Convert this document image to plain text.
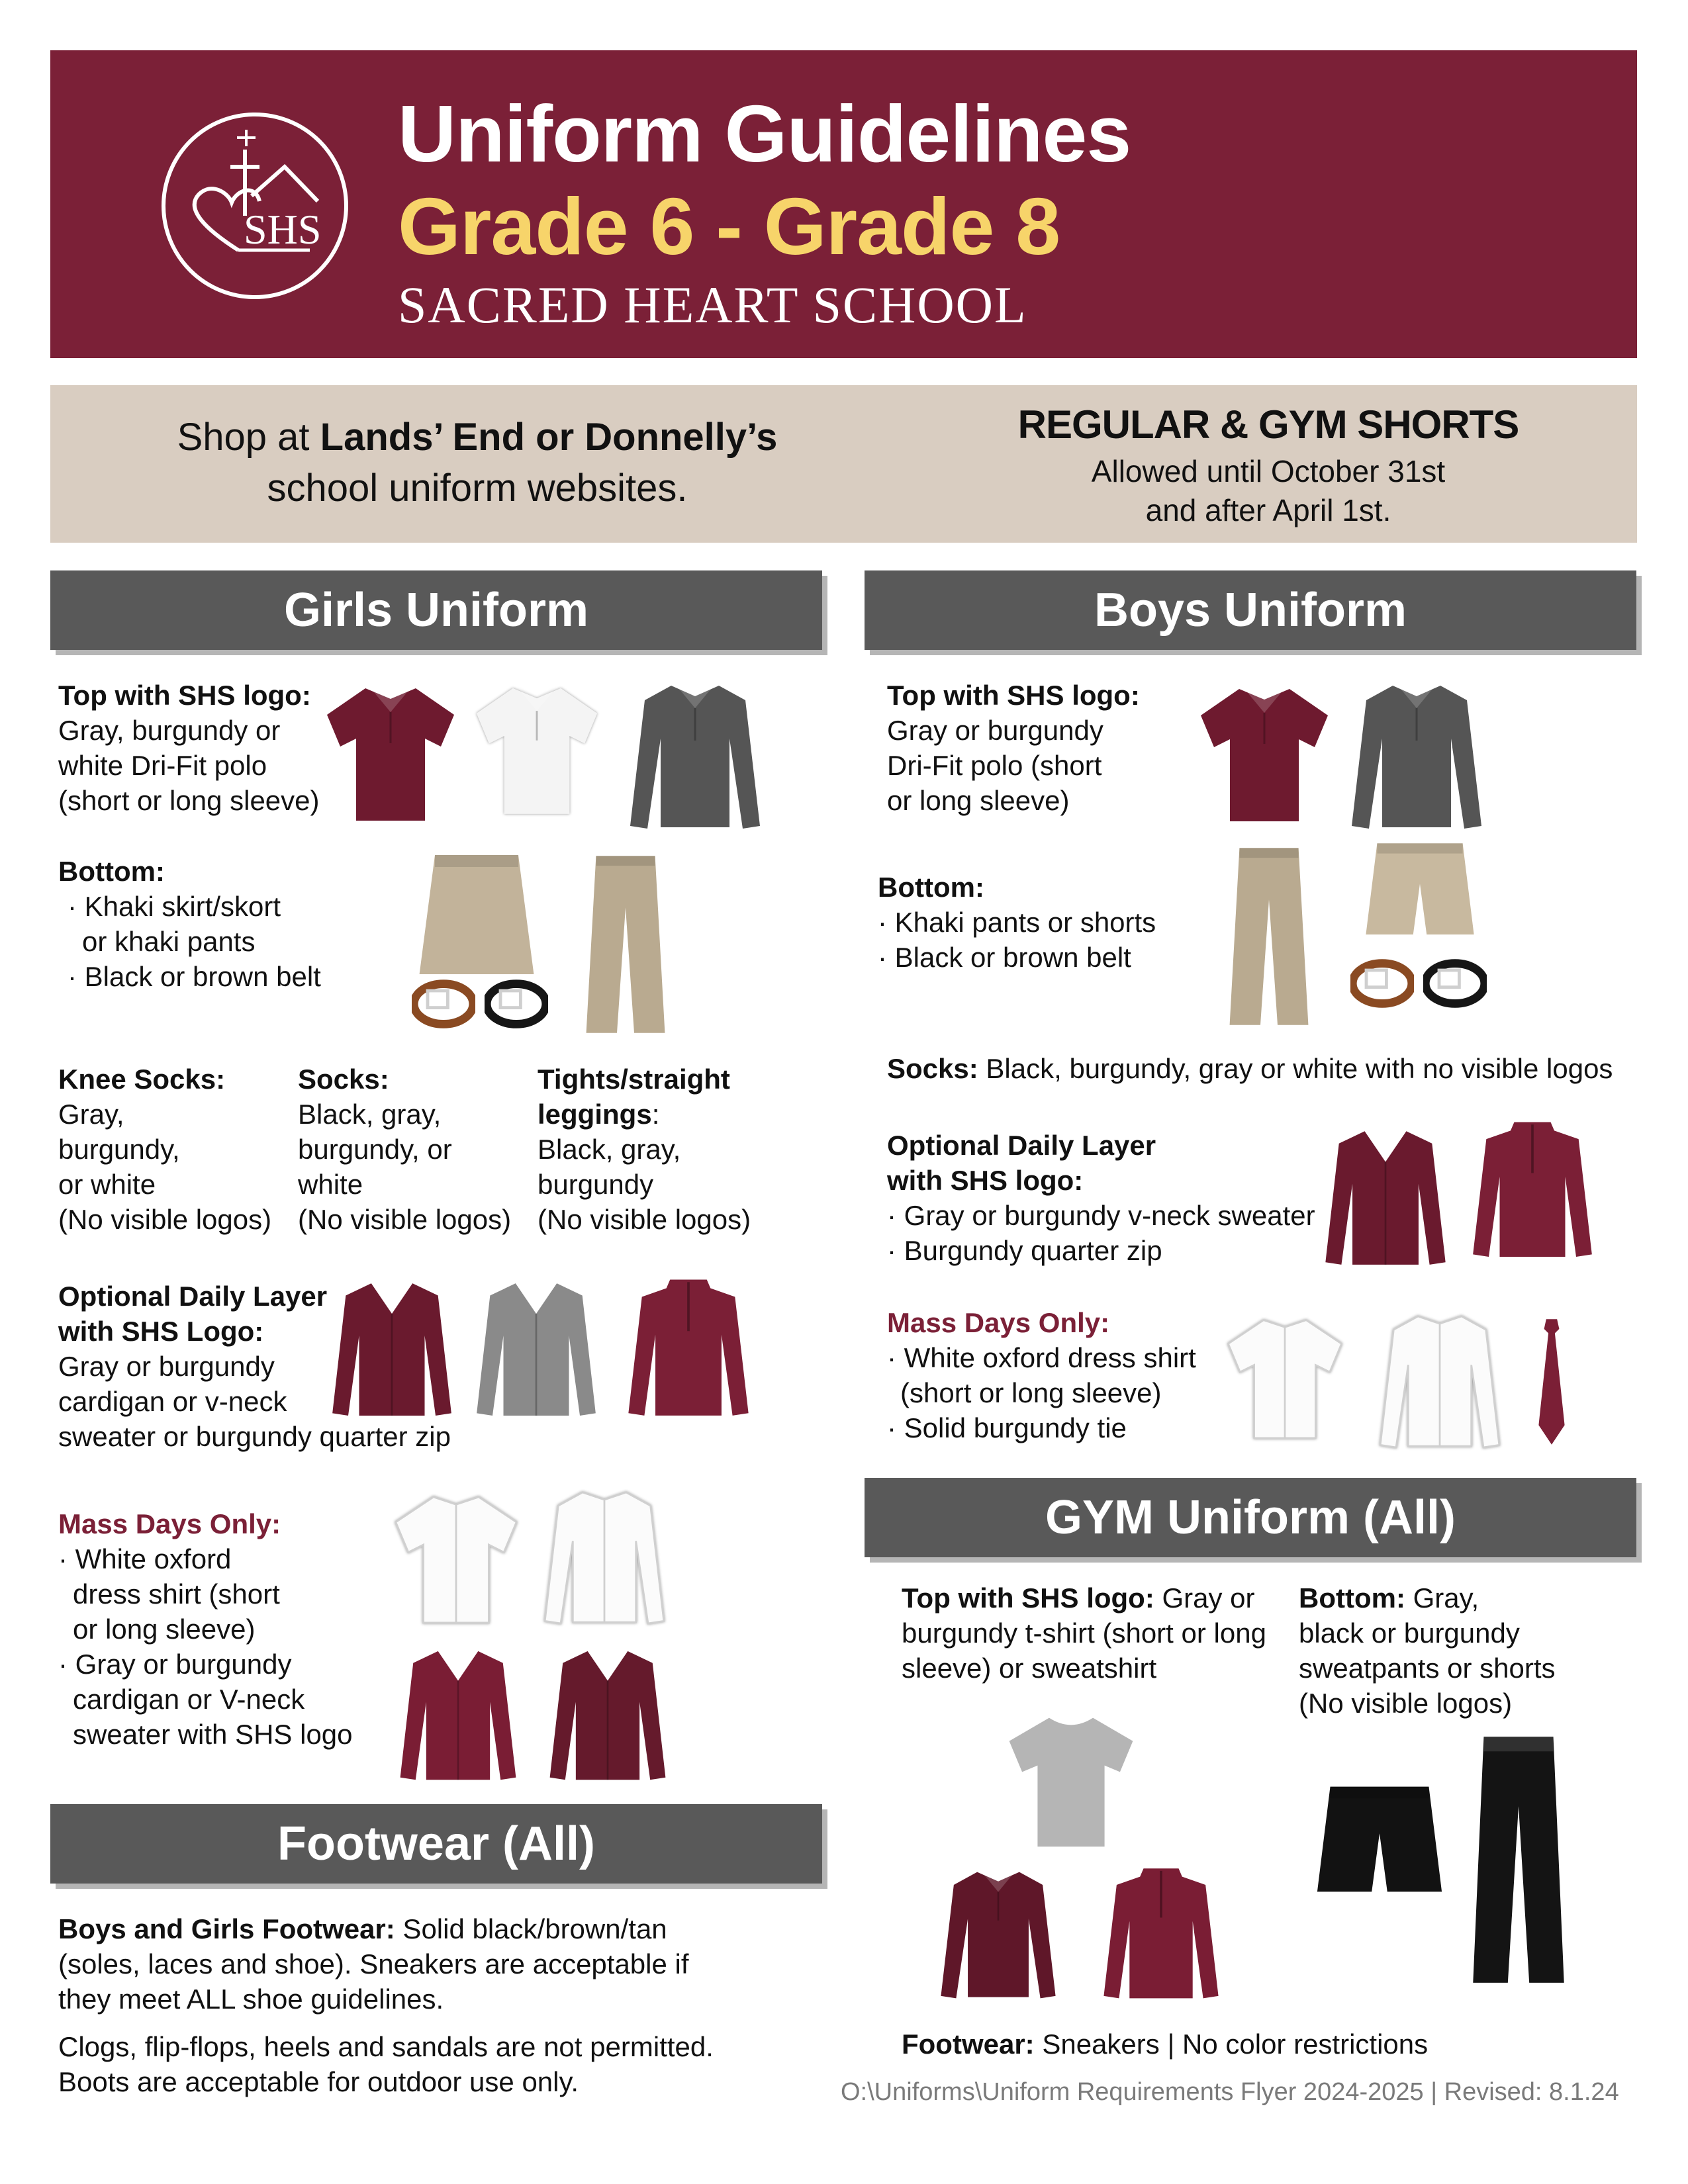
SHS
Uniform Guidelines
Grade 6 - Grade 8
SACRED HEART SCHOOL
Shop at Lands’ End or Donnelly’s
school uniform websites.
REGULAR & GYM SHORTS
Allowed until October 31st
and after April 1st.
Girls Uniform	Boys Uniform
GYM Uniform (All)
Footwear (All)
Top with SHS logo:
Gray, burgundy or
white Dri-Fit polo
(short or long sleeve)
Bottom:
· Khaki skirt/skort
or khaki pants
· Black or brown belt
Knee Socks:
Gray,
burgundy,
or white
(No visible logos)
Socks:
Black, gray,
burgundy, or
white
(No visible logos)
Tights/straight
leggings:
Black, gray,
burgundy
(No visible logos)
Optional Daily Layer
with SHS Logo:
Gray or burgundy
cardigan or v-neck
sweater or burgundy quarter zip
Mass Days Only:
· White oxford
dress shirt (short
or long sleeve)
· Gray or burgundy
cardigan or V-neck
sweater with SHS logo
Boys and Girls Footwear: Solid black/brown/tan
(soles, laces and shoe). Sneakers are acceptable if
they meet ALL shoe guidelines.
Clogs, flip-flops, heels and sandals are not permitted.
Boots are acceptable for outdoor use only.
Top with SHS logo:
Gray or burgundy
Dri-Fit polo (short
or long sleeve)
Bottom:
· Khaki pants or shorts
· Black or brown belt
Socks: Black, burgundy, gray or white with no visible logos
Optional Daily Layer
with SHS logo:
· Gray or burgundy v-neck sweater
· Burgundy quarter zip
Mass Days Only:
· White oxford dress shirt
(short or long sleeve)
· Solid burgundy tie
Top with SHS logo: Gray or
burgundy t-shirt (short or long
sleeve) or sweatshirt
Bottom: Gray,
black or burgundy
sweatpants or shorts
(No visible logos)
Footwear: Sneakers | No color restrictions
O:\Uniforms\Uniform Requirements Flyer 2024-2025 | Revised: 8.1.24
